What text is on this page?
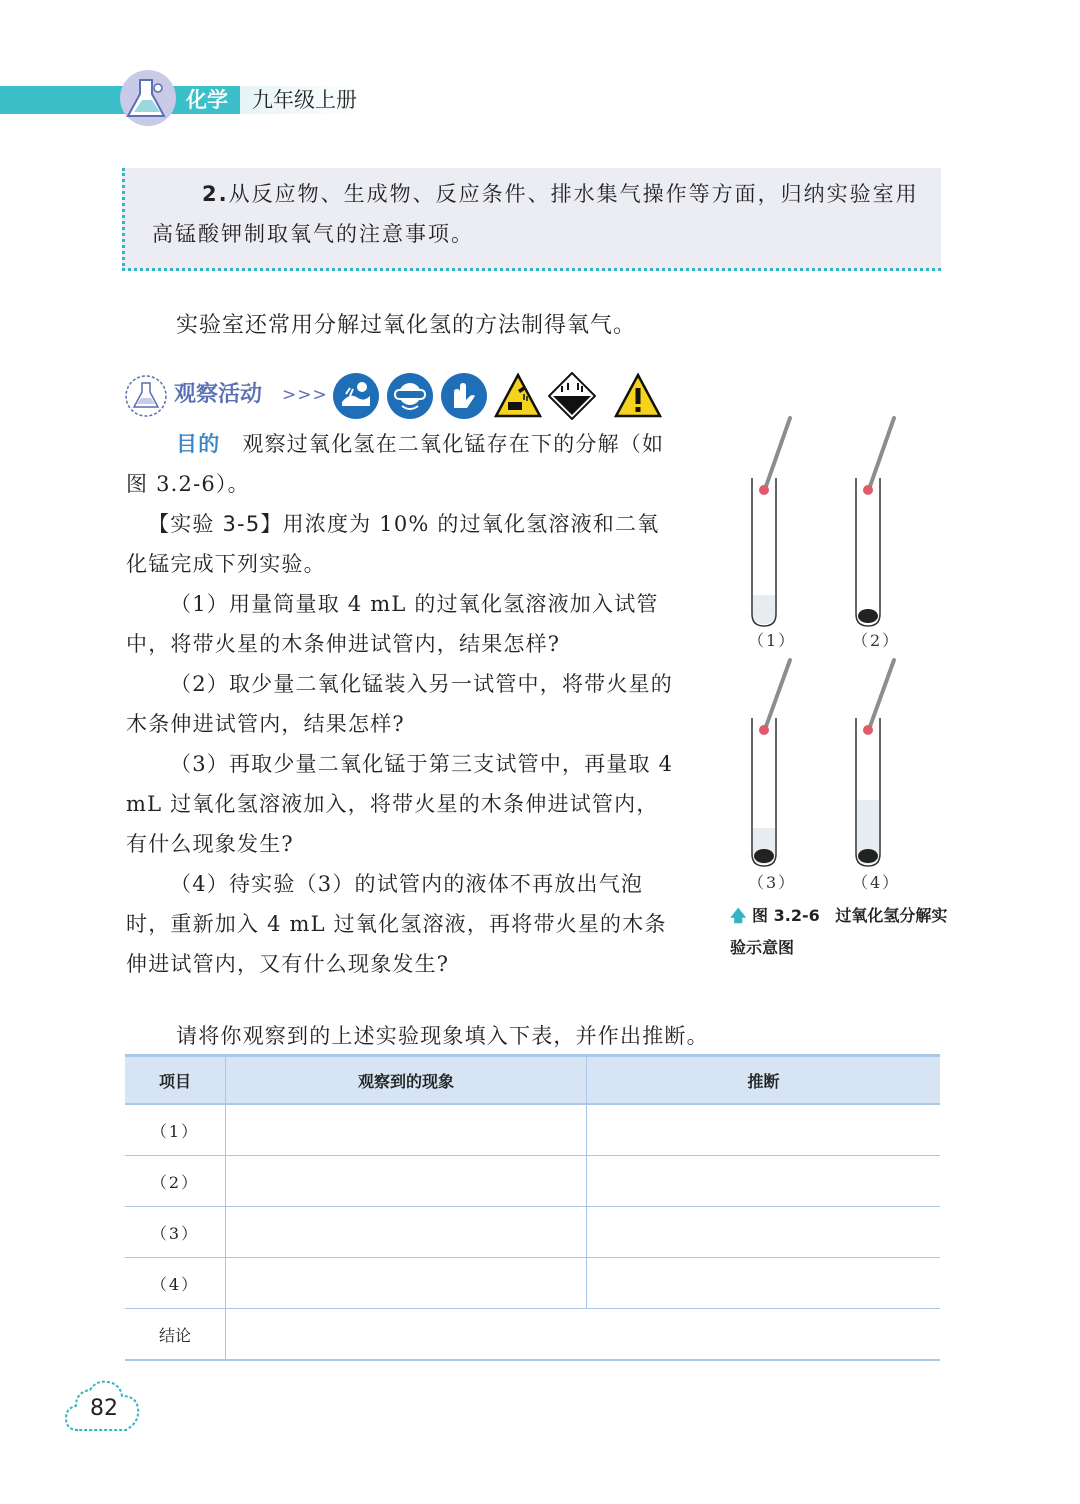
化学 九年级上册
2.从反应物、生成物、反应条件、排水集气操作等方面，归纳实验室用高锰酸钾制取氧气的注意事项。
实验室还常用分解过氧化氢的方法制得氧气。
观察活动 >>>
目的 观察过氧化氢在二氧化锰存在下的分解（如图 3.2-6）。
【实验 3-5】用浓度为 10% 的过氧化氢溶液和二氧化锰完成下列实验。
（1）用量筒量取 4 mL 的过氧化氢溶液加入试管中，将带火星的木条伸进试管内，结果怎样?
（2）取少量二氧化锰装入另一试管中，将带火星的木条伸进试管内，结果怎样?
（3）再取少量二氧化锰于第三支试管中，再量取 4 mL 过氧化氢溶液加入，将带火星的木条伸进试管内，有什么现象发生?
（4）待实验（3）的试管内的液体不再放出气泡时，重新加入 4 mL 过氧化氢溶液，再将带火星的木条伸进试管内，又有什么现象发生?
（1）	（2）
（3）	（4）
🡅 图 3.2-6 过氧化氢分解实验示意图
请将你观察到的上述实验现象填入下表，并作出推断。
项目	观察到的现象	推断
（1）		
（2）		
（3）		
（4）		
结论		
82
